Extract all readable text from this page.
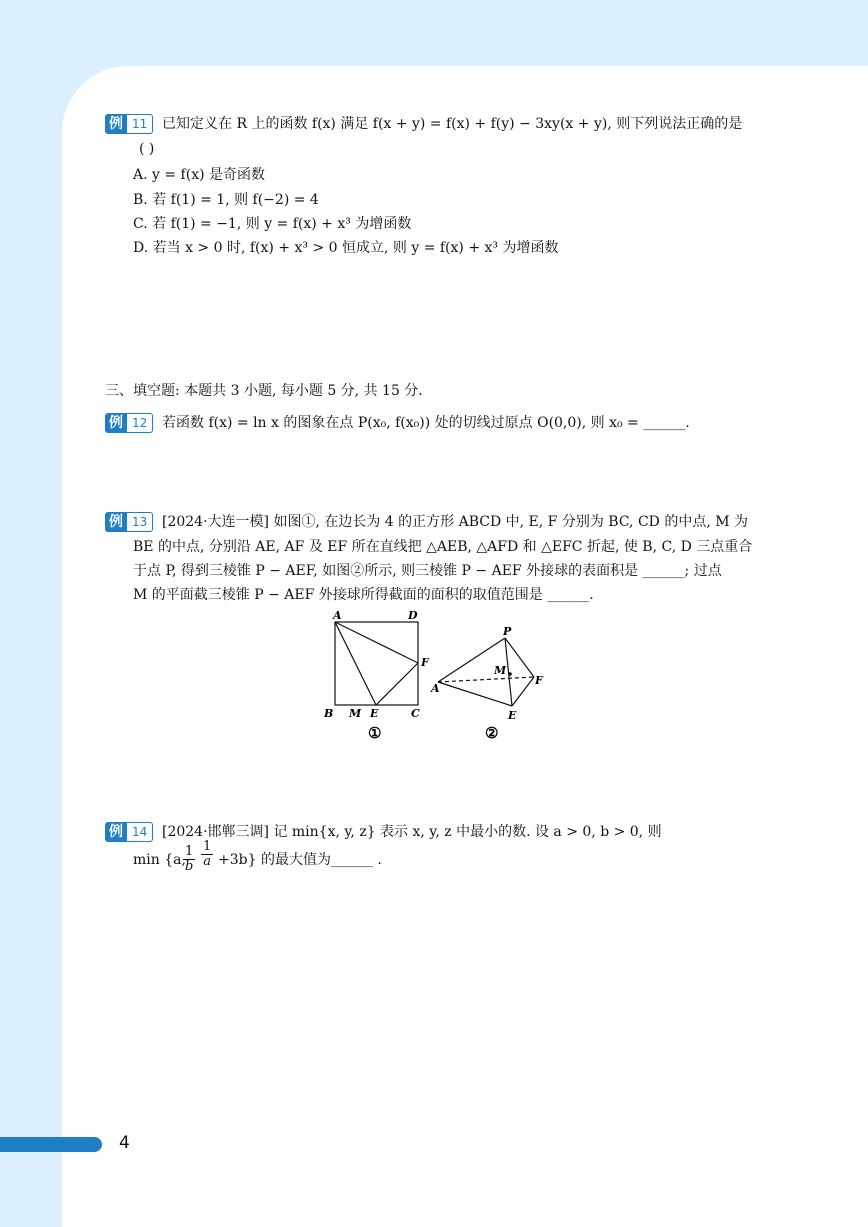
例 11	已知定义在 R 上的函数 f(x) 满足 f(x + y) = f(x) + f(y) − 3xy(x + y), 则下列说法正确的是
( )
A. y = f(x) 是奇函数
B. 若 f(1) = 1, 则 f(−2) = 4
C. 若 f(1) = −1, 则 y = f(x) + x³ 为增函数
D. 若当 x > 0 时, f(x) + x³ > 0 恒成立, 则 y = f(x) + x³ 为增函数
三、填空题: 本题共 3 小题, 每小题 5 分, 共 15 分.
例 12	若函数 f(x) = ln x 的图象在点 P(x₀, f(x₀)) 处的切线过原点 O(0,0), 则 x₀ = ______.
例 13	[2024·大连一模] 如图①, 在边长为 4 的正方形 ABCD 中, E, F 分别为 BC, CD 的中点, M 为
BE 的中点, 分别沿 AE, AF 及 EF 所在直线把 △AEB, △AFD 和 △EFC 折起, 使 B, C, D 三点重合
于点 P, 得到三棱锥 P − AEF, 如图②所示, 则三棱锥 P − AEF 外接球的表面积是 ______; 过点
M 的平面截三棱锥 P − AEF 外接球所得截面的面积的取值范围是 ______.
A	D
F
B M E	C
①
P
M
A
F
E
②
例 14	[2024·邯郸三调] 记 min{x, y, z} 表示 x, y, z 中最小的数. 设 a > 0, b > 0, 则
min {a,
$\frac{1}{b} \frac{1}{a} +3b$} 的最大值为______ .
4
